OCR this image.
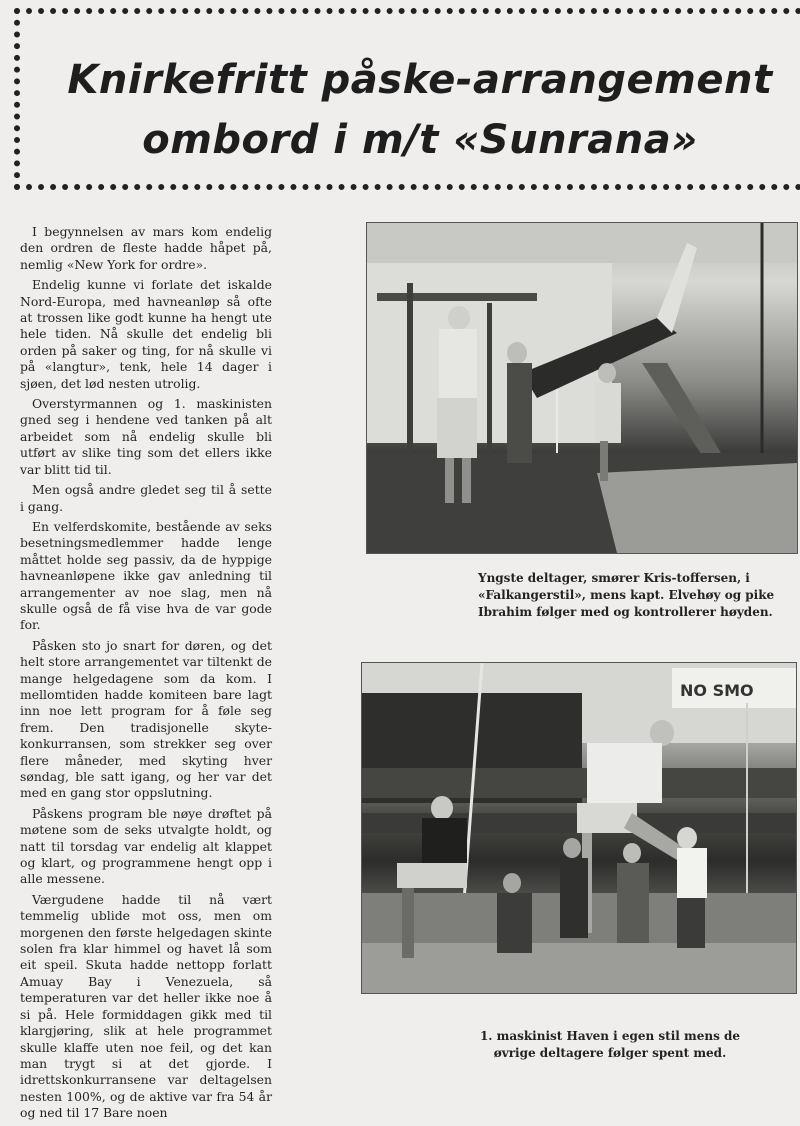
Knirkefritt påske-arrangement
ombord i m/t «Sunrana»

I begynnelsen av mars kom endelig den ordren de fleste hadde håpet på, nemlig «New York for ordre».

Endelig kunne vi forlate det iskalde Nord-Europa, med havneanløp så ofte at trossen like godt kunne ha hengt ute hele tiden. Nå skulle det endelig bli orden på saker og ting, for nå skulle vi på «langtur», tenk, hele 14 dager i sjøen, det lød nesten utrolig.

Overstyrmannen og 1. maskinisten gned seg i hendene ved tanken på alt arbeidet som nå endelig skulle bli utført av slike ting som det ellers ikke var blitt tid til.

Men også andre gledet seg til å sette i gang.

En velferdskomite, bestående av seks besetningsmedlemmer hadde lenge måttet holde seg passiv, da de hyppige havneanløpene ikke gav anledning til arrangementer av noe slag, men nå skulle også de få vise hva de var gode for.

Påsken sto jo snart for døren, og det helt store arrangementet var tiltenkt de mange helgedagene som da kom. I mellomtiden hadde komiteen bare lagt inn noe lett program for å føle seg frem. Den tradisjonelle skyte-konkurransen, som strekker seg over flere måneder, med skyting hver søndag, ble satt igang, og her var det med en gang stor oppslutning.

Påskens program ble nøye drøftet på møtene som de seks utvalgte holdt, og natt til torsdag var endelig alt klappet og klart, og programmene hengt opp i alle messene.

Værgudene hadde til nå vært temmelig ublide mot oss, men om morgenen den første helgedagen skinte solen fra klar himmel og havet lå som eit speil. Skuta hadde nettopp forlatt Amuay Bay i Venezuela, så temperaturen var det heller ikke noe å si på. Hele formiddagen gikk med til klargjøring, slik at hele programmet skulle klaffe uten noe feil, og det kan man trygt si at det gjorde. I idrettskonkurransene var deltagelsen nesten 100%, og de aktive var fra 54 år og ned til 17 Bare noen

Yngste deltager, smører Kris-toffersen, i «Falkangerstil», mens kapt. Elvehøy og pike Ibrahim følger med og kontrollerer høyden.
NO SMO
1. maskinist Haven i egen stil mens de øvrige deltagere følger spent med.
